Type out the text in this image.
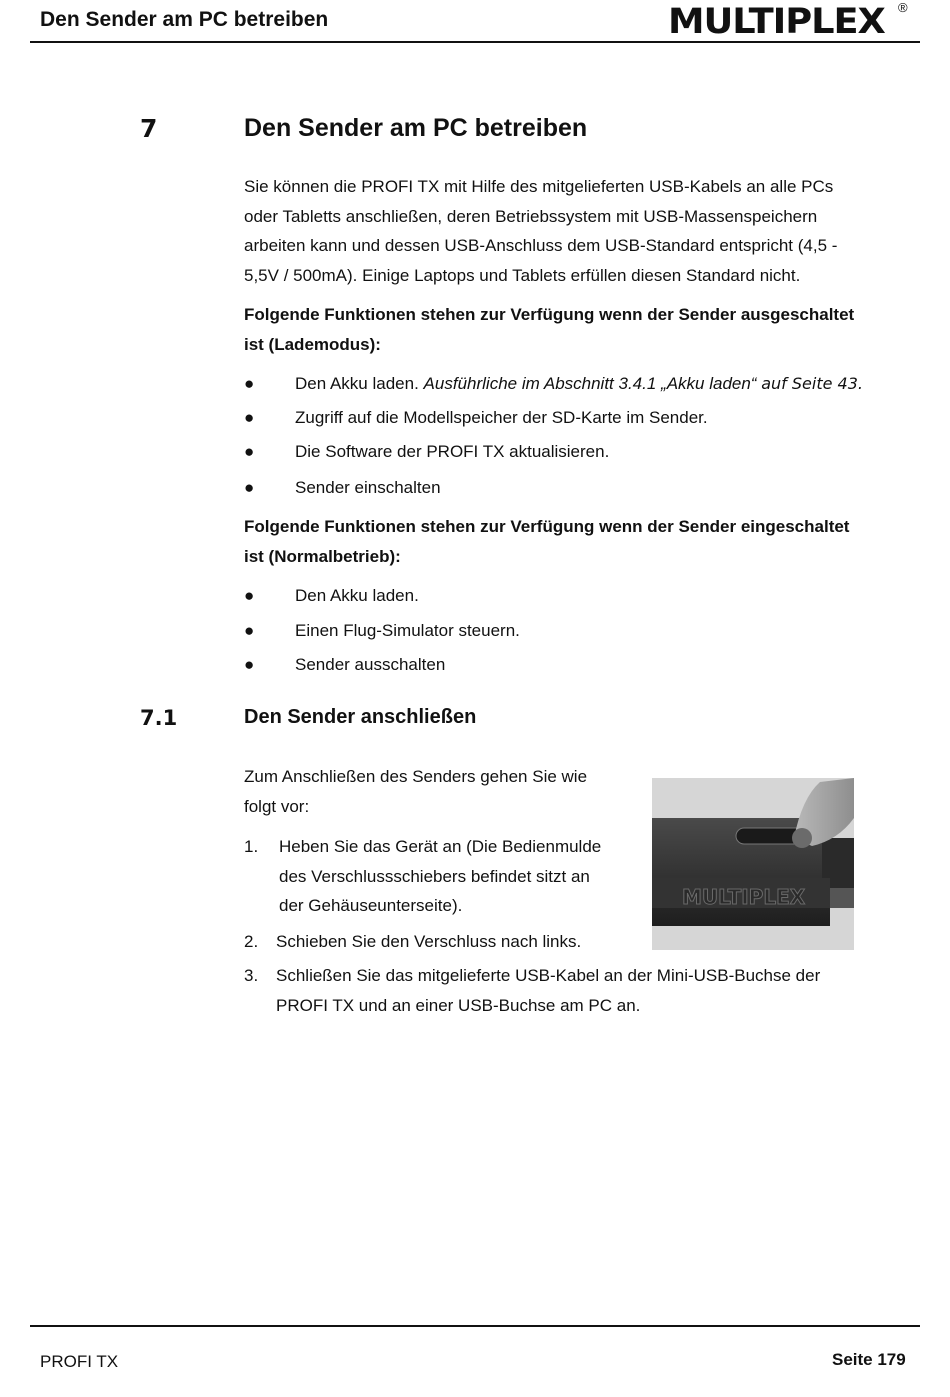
Den Sender am PC betreiben	MULTIPLEX ®
7	Den Sender am PC betreiben
Sie können die PROFI TX mit Hilfe des mitgelieferten USB-Kabels an alle PCs
oder Tabletts anschließen, deren Betriebssystem mit USB-Massenspeichern
arbeiten kann und dessen USB-Anschluss dem USB-Standard entspricht (4,5 -
5,5V / 500mA). Einige Laptops und Tablets erfüllen diesen Standard nicht.
Folgende Funktionen stehen zur Verfügung wenn der Sender ausgeschaltet
ist (Lademodus):
● Den Akku laden. Ausführliche im Abschnitt 3.4.1 „Akku laden“ auf Seite 43.
● Zugriff auf die Modellspeicher der SD-Karte im Sender.
● Die Software der PROFI TX aktualisieren.
● Sender einschalten
Folgende Funktionen stehen zur Verfügung wenn der Sender eingeschaltet
ist (Normalbetrieb):
● Den Akku laden.
● Einen Flug-Simulator steuern.
● Sender ausschalten
7.1	Den Sender anschließen
Zum Anschließen des Senders gehen Sie wie
folgt vor:
1. Heben Sie das Gerät an (Die Bedienmulde
des Verschlussschiebers befindet sitzt an
der Gehäuseunterseite).
2. Schieben Sie den Verschluss nach links.
3. Schließen Sie das mitgelieferte USB-Kabel an der Mini-USB-Buchse der
PROFI TX und an einer USB-Buchse am PC an.
MULTIPLEX
PROFI TX	Seite 179
